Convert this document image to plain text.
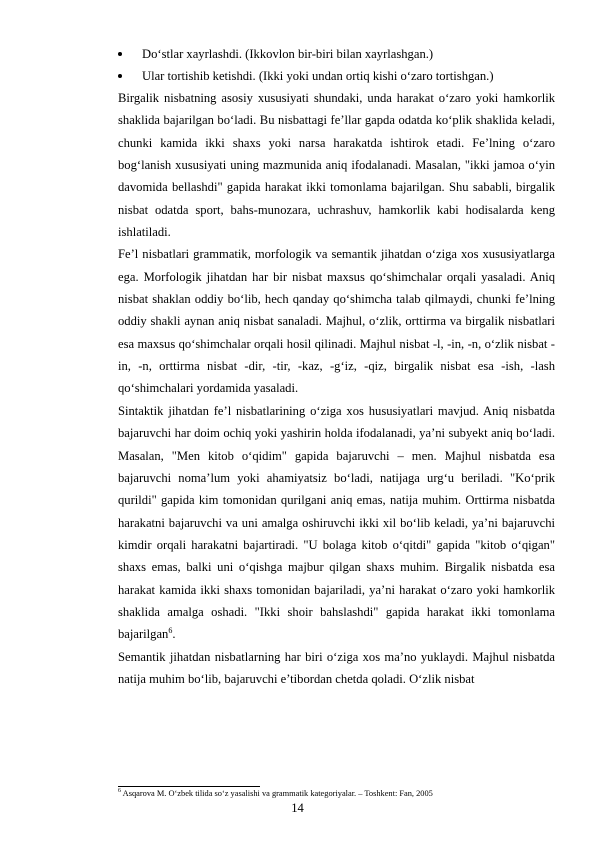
Do‘stlar xayrlashdi. (Ikkovlon bir-biri bilan xayrlashgan.)
Ular tortishib ketishdi. (Ikki yoki undan ortiq kishi o‘zaro tortishgan.)

Birgalik nisbatning asosiy xususiyati shundaki, unda harakat o‘zaro yoki hamkorlik shaklida bajarilgan bo‘ladi. Bu nisbattagi fe’llar gapda odatda ko‘plik shaklida keladi, chunki kamida ikki shaxs yoki narsa harakatda ishtirok etadi. Fe’lning o‘zaro bog‘lanish xususiyati uning mazmunida aniq ifodalanadi. Masalan, "ikki jamoa o‘yin davomida bellashdi" gapida harakat ikki tomonlama bajarilgan. Shu sababli, birgalik nisbat odatda sport, bahs-munozara, uchrashuv, hamkorlik kabi hodisalarda keng ishlatiladi.

Fe’l nisbatlari grammatik, morfologik va semantik jihatdan o‘ziga xos xususiyatlarga ega. Morfologik jihatdan har bir nisbat maxsus qo‘shimchalar orqali yasaladi. Aniq nisbat shaklan oddiy bo‘lib, hech qanday qo‘shimcha talab qilmaydi, chunki fe’lning oddiy shakli aynan aniq nisbat sanaladi. Majhul, o‘zlik, orttirma va birgalik nisbatlari esa maxsus qo‘shimchalar orqali hosil qilinadi. Majhul nisbat -l, -in, -n, o‘zlik nisbat -in, -n, orttirma nisbat -dir, -tir, -kaz, -g‘iz, -qiz, birgalik nisbat esa -ish, -lash qo‘shimchalari yordamida yasaladi.

Sintaktik jihatdan fe’l nisbatlarining o‘ziga xos hususiyatlari mavjud. Aniq nisbatda bajaruvchi har doim ochiq yoki yashirin holda ifodalanadi, ya’ni subyekt aniq bo‘ladi. Masalan, "Men kitob o‘qidim" gapida bajaruvchi – men. Majhul nisbatda esa bajaruvchi noma’lum yoki ahamiyatsiz bo‘ladi, natijaga urg‘u beriladi. "Ko‘prik qurildi" gapida kim tomonidan qurilgani aniq emas, natija muhim. Orttirma nisbatda harakatni bajaruvchi va uni amalga oshiruvchi ikki xil bo‘lib keladi, ya’ni bajaruvchi kimdir orqali harakatni bajartiradi. "U bolaga kitob o‘qitdi" gapida "kitob o‘qigan" shaxs emas, balki uni o‘qishga majbur qilgan shaxs muhim. Birgalik nisbatda esa harakat kamida ikki shaxs tomonidan bajariladi, ya’ni harakat o‘zaro yoki hamkorlik shaklida amalga oshadi. "Ikki shoir bahslashdi" gapida harakat ikki tomonlama bajarilgan$^6$.

Semantik jihatdan nisbatlarning har biri o‘ziga xos ma’no yuklaydi. Majhul nisbatda natija muhim bo‘lib, bajaruvchi e’tibordan chetda qoladi. O‘zlik nisbat

$^6$ Asqarova M. O‘zbek tilida so‘z yasalishi va grammatik kategoriyalar. – Toshkent: Fan, 2005
14
